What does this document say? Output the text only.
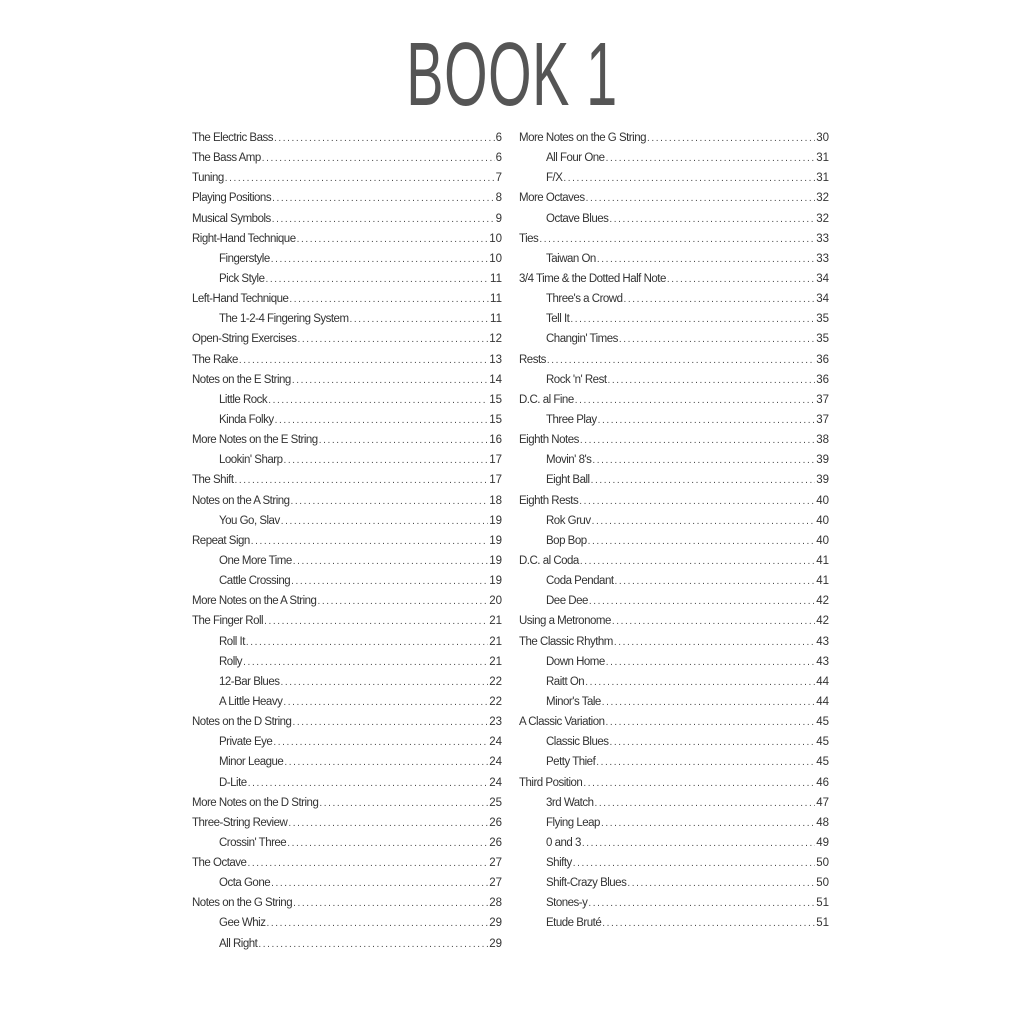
BOOK 1
The Electric Bass .....	6
The Bass Amp .....	6
Tuning .....	7
Playing Positions .....	8
Musical Symbols .....	9
Right-Hand Technique .....	10
Fingerstyle .....	10
Pick Style .....	11
Left-Hand Technique .....	11
The 1-2-4 Fingering System .....	11
Open-String Exercises .....	12
The Rake .....	13
Notes on the E String .....	14
Little Rock .....	15
Kinda Folky .....	15
More Notes on the E String .....	16
Lookin' Sharp .....	17
The Shift .....	17
Notes on the A String .....	18
You Go, Slav .....	19
Repeat Sign .....	19
One More Time .....	19
Cattle Crossing .....	19
More Notes on the A String .....	20
The Finger Roll .....	21
Roll It .....	21
Rolly .....	21
12-Bar Blues .....	22
A Little Heavy .....	22
Notes on the D String .....	23
Private Eye .....	24
Minor League .....	24
D-Lite .....	24
More Notes on the D String .....	25
Three-String Review .....	26
Crossin' Three .....	26
The Octave .....	27
Octa Gone .....	27
Notes on the G String .....	28
Gee Whiz .....	29
All Right .....	29
More Notes on the G String .....	30
All Four One .....	31
F/X .....	31
More Octaves .....	32
Octave Blues .....	32
Ties .....	33
Taiwan On .....	33
3/4 Time & the Dotted Half Note .....	34
Three's a Crowd .....	34
Tell It .....	35
Changin' Times .....	35
Rests .....	36
Rock 'n' Rest .....	36
D.C. al Fine .....	37
Three Play .....	37
Eighth Notes .....	38
Movin' 8's .....	39
Eight Ball .....	39
Eighth Rests .....	40
Rok Gruv .....	40
Bop Bop .....	40
D.C. al Coda .....	41
Coda Pendant .....	41
Dee Dee .....	42
Using a Metronome .....	42
The Classic Rhythm .....	43
Down Home .....	43
Raitt On .....	44
Minor's Tale .....	44
A Classic Variation .....	45
Classic Blues .....	45
Petty Thief .....	45
Third Position .....	46
3rd Watch .....	47
Flying Leap .....	48
0 and 3 .....	49
Shifty .....	50
Shift-Crazy Blues .....	50
Stones-y .....	51
Etude Bruté .....	51
